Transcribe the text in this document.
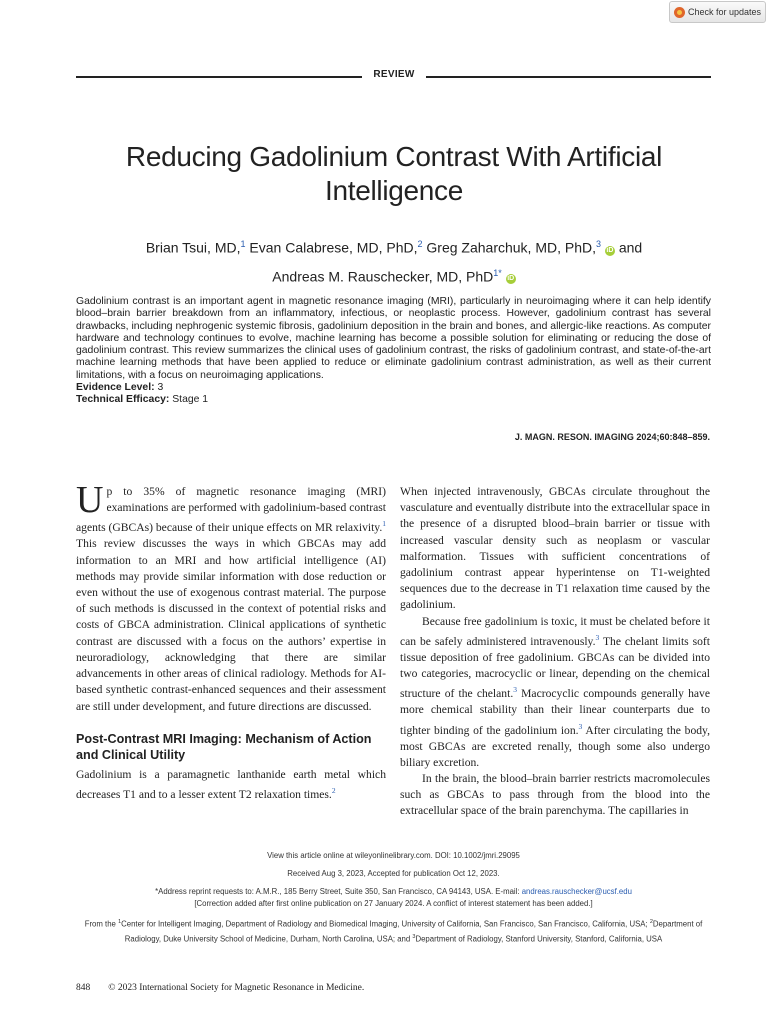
Check for updates
REVIEW
Reducing Gadolinium Contrast With Artificial Intelligence
Brian Tsui, MD,$^1$ Evan Calabrese, MD, PhD,$^2$ Greg Zaharchuk, MD, PhD,$^3$ iD and
Andreas M. Rauschecker, MD, PhD$^{1*}$ iD

Gadolinium contrast is an important agent in magnetic resonance imaging (MRI), particularly in neuroimaging where it can help identify blood–brain barrier breakdown from an inflammatory, infectious, or neoplastic process. However, gadolinium contrast has several drawbacks, including nephrogenic systemic fibrosis, gadolinium deposition in the brain and bones, and allergic-like reactions. As computer hardware and technology continues to evolve, machine learning has become a possible solution for eliminating or reducing the dose of gadolinium contrast. This review summarizes the clinical uses of gadolinium contrast, the risks of gadolinium contrast, and state-of-the-art machine learning methods that have been applied to reduce or eliminate gadolinium contrast administration, as well as their current limitations, with a focus on neuroimaging applications.

Evidence Level: 3

Technical Efficacy: Stage 1

J. MAGN. RESON. IMAGING 2024;60:848–859.

Up to 35% of magnetic resonance imaging (MRI) examinations are performed with gadolinium-based contrast agents (GBCAs) because of their unique effects on MR relaxivity.$^1$ This review discusses the ways in which GBCAs may add information to an MRI and how artificial intelligence (AI) methods may provide similar information with dose reduction or even without the use of exogenous contrast material. The purpose of such methods is discussed in the context of potential risks and costs of GBCA administration. Clinical applications of synthetic contrast are discussed with a focus on the authors’ expertise in neuroradiology, acknowledging that there are similar advancements in other areas of clinical radiology. Methods for AI-based synthetic contrast-enhanced sequences and their assessment are still under development, and future directions are discussed.

Post-Contrast MRI Imaging: Mechanism of Action and Clinical Utility

Gadolinium is a paramagnetic lanthanide earth metal which decreases T1 and to a lesser extent T2 relaxation times.$^2$

When injected intravenously, GBCAs circulate throughout the vasculature and eventually distribute into the extracellular space in the presence of a disrupted blood–brain barrier or tissue with increased vascular density such as neoplasm or vascular malformation. Tissues with sufficient concentrations of gadolinium contrast appear hyperintense on T1-weighted sequences due to the decrease in T1 relaxation time caused by the gadolinium.

Because free gadolinium is toxic, it must be chelated before it can be safely administered intravenously.$^3$ The chelant limits soft tissue deposition of free gadolinium. GBCAs can be divided into two categories, macrocyclic or linear, depending on the chemical structure of the chelant.$^3$ Macrocyclic compounds generally have more chemical stability than their linear counterparts due to tighter binding of the gadolinium ion.$^3$ After circulating the body, most GBCAs are excreted renally, though some also undergo biliary excretion.

In the brain, the blood–brain barrier restricts macromolecules such as GBCAs to pass through from the blood into the extracellular space of the brain parenchyma. The capillaries in

View this article online at wileyonlinelibrary.com. DOI: 10.1002/jmri.29095

Received Aug 3, 2023, Accepted for publication Oct 12, 2023.

*Address reprint requests to: A.M.R., 185 Berry Street, Suite 350, San Francisco, CA 94143, USA. E-mail: andreas.rauschecker@ucsf.edu

[Correction added after first online publication on 27 January 2024. A conflict of interest statement has been added.]

From the $^1$Center for Intelligent Imaging, Department of Radiology and Biomedical Imaging, University of California, San Francisco, San Francisco, California, USA; $^2$Department of Radiology, Duke University School of Medicine, Durham, North Carolina, USA; and $^3$Department of Radiology, Stanford University, Stanford, California, USA

848 © 2023 International Society for Magnetic Resonance in Medicine.
